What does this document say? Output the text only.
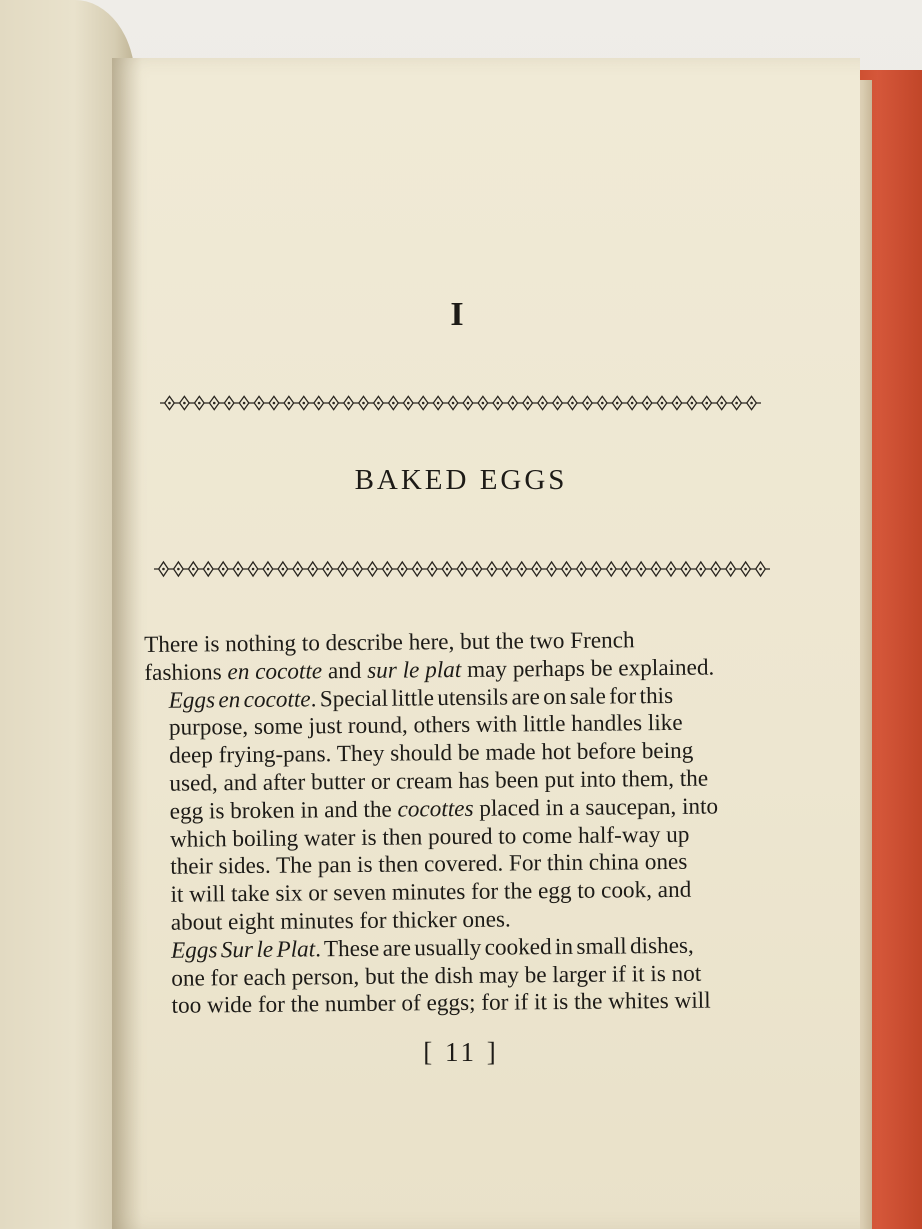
I
BAKED EGGS

There is nothing to describe here, but the two French
fashions en cocotte and sur le plat may perhaps be explained.

Eggs en cocotte. Special little utensils are on sale for this
purpose, some just round, others with little handles like
deep frying-pans. They should be made hot before being
used, and after butter or cream has been put into them, the
egg is broken in and the cocottes placed in a saucepan, into
which boiling water is then poured to come half-way up
their sides. The pan is then covered. For thin china ones
it will take six or seven minutes for the egg to cook, and
about eight minutes for thicker ones.

Eggs Sur le Plat. These are usually cooked in small dishes,
one for each person, but the dish may be larger if it is not
too wide for the number of eggs; for if it is the whites will

[ 11 ]
